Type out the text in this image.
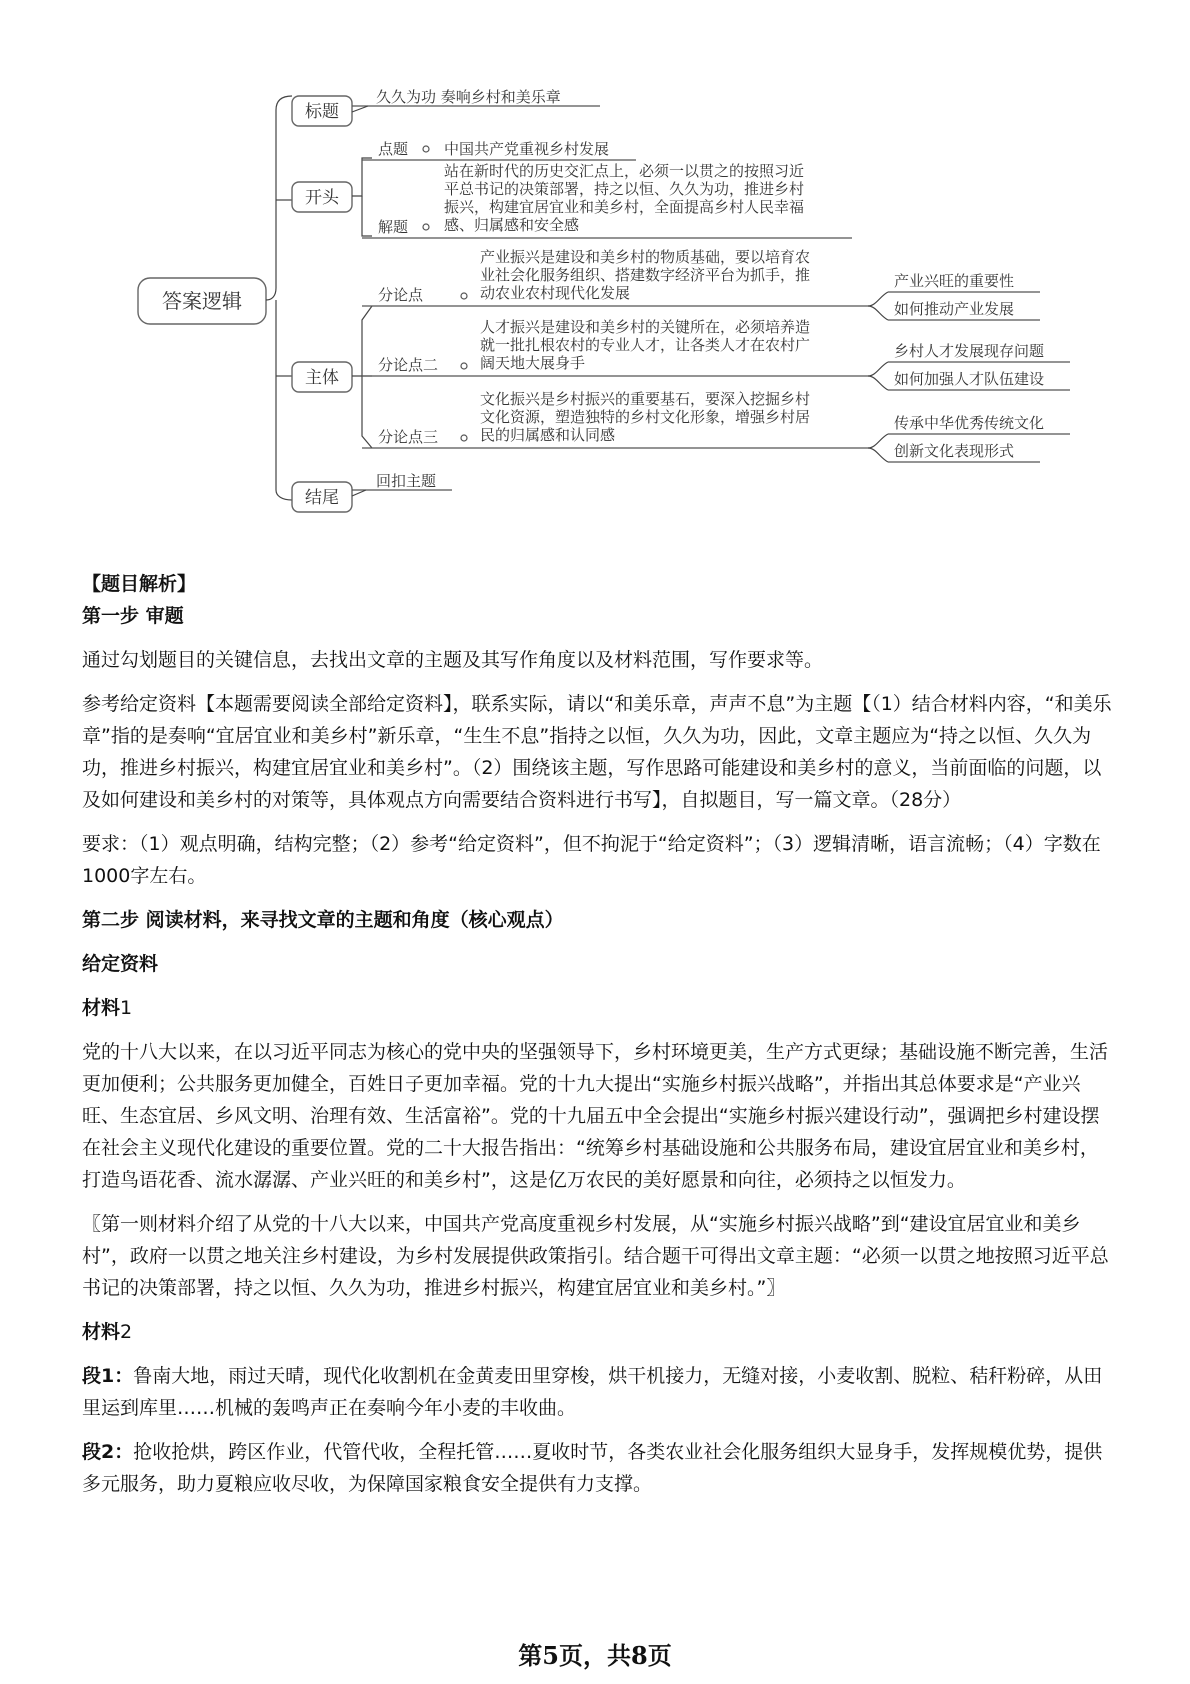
答案逻辑
标题
久久为功 奏响乡村和美乐章
开头
点题 中国共产党重视乡村发展
解题
站在新时代的历史交汇点上，必须一以贯之的按照习近
平总书记的决策部署，持之以恒、久久为功，推进乡村
振兴，构建宜居宜业和美乡村，全面提高乡村人民幸福
感、归属感和安全感
主体
分论点
产业振兴是建设和美乡村的物质基础，要以培育农
业社会化服务组织、搭建数字经济平台为抓手，推
动农业农村现代化发展
产业兴旺的重要性
如何推动产业发展
分论点二
人才振兴是建设和美乡村的关键所在，必须培养造
就一批扎根农村的专业人才，让各类人才在农村广
阔天地大展身手
乡村人才发展现存问题
如何加强人才队伍建设
分论点三
文化振兴是乡村振兴的重要基石，要深入挖掘乡村
文化资源，塑造独特的乡村文化形象，增强乡村居
民的归属感和认同感
传承中华优秀传统文化
创新文化表现形式
结尾
回扣主题

【题目解析】

第一步 审题

通过勾划题目的关键信息，去找出文章的主题及其写作角度以及材料范围，写作要求等。

参考给定资料【本题需要阅读全部给定资料】，联系实际，请以“和美乐章，声声不息”为主题【（1）结合材料内容，“和美乐章”指的是奏响“宜居宜业和美乡村”新乐章，“生生不息”指持之以恒，久久为功，因此，文章主题应为“持之以恒、久久为功，推进乡村振兴，构建宜居宜业和美乡村”。（2）围绕该主题，写作思路可能建设和美乡村的意义，当前面临的问题，以及如何建设和美乡村的对策等，具体观点方向需要结合资料进行书写】，自拟题目，写一篇文章。（28分）

要求：（1）观点明确，结构完整；（2）参考“给定资料”，但不拘泥于“给定资料”；（3）逻辑清晰，语言流畅；（4）字数在1000字左右。

第二步 阅读材料，来寻找文章的主题和角度（核心观点）

给定资料

材料1

党的十八大以来，在以习近平同志为核心的党中央的坚强领导下，乡村环境更美，生产方式更绿；基础设施不断完善，生活更加便利；公共服务更加健全，百姓日子更加幸福。党的十九大提出“实施乡村振兴战略”，并指出其总体要求是“产业兴旺、生态宜居、乡风文明、治理有效、生活富裕”。党的十九届五中全会提出“实施乡村振兴建设行动”，强调把乡村建设摆在社会主义现代化建设的重要位置。党的二十大报告指出：“统筹乡村基础设施和公共服务布局，建设宜居宜业和美乡村，打造鸟语花香、流水潺潺、产业兴旺的和美乡村”，这是亿万农民的美好愿景和向往，必须持之以恒发力。

〖第一则材料介绍了从党的十八大以来，中国共产党高度重视乡村发展，从“实施乡村振兴战略”到“建设宜居宜业和美乡村”，政府一以贯之地关注乡村建设，为乡村发展提供政策指引。结合题干可得出文章主题：“必须一以贯之地按照习近平总书记的决策部署，持之以恒、久久为功，推进乡村振兴，构建宜居宜业和美乡村。”〗

材料2

段1：鲁南大地，雨过天晴，现代化收割机在金黄麦田里穿梭，烘干机接力，无缝对接，小麦收割、脱粒、秸秆粉碎，从田里运到库里……机械的轰鸣声正在奏响今年小麦的丰收曲。

段2：抢收抢烘，跨区作业，代管代收，全程托管……夏收时节，各类农业社会化服务组织大显身手，发挥规模优势，提供多元服务，助力夏粮应收尽收，为保障国家粮食安全提供有力支撑。

第5页，共8页
